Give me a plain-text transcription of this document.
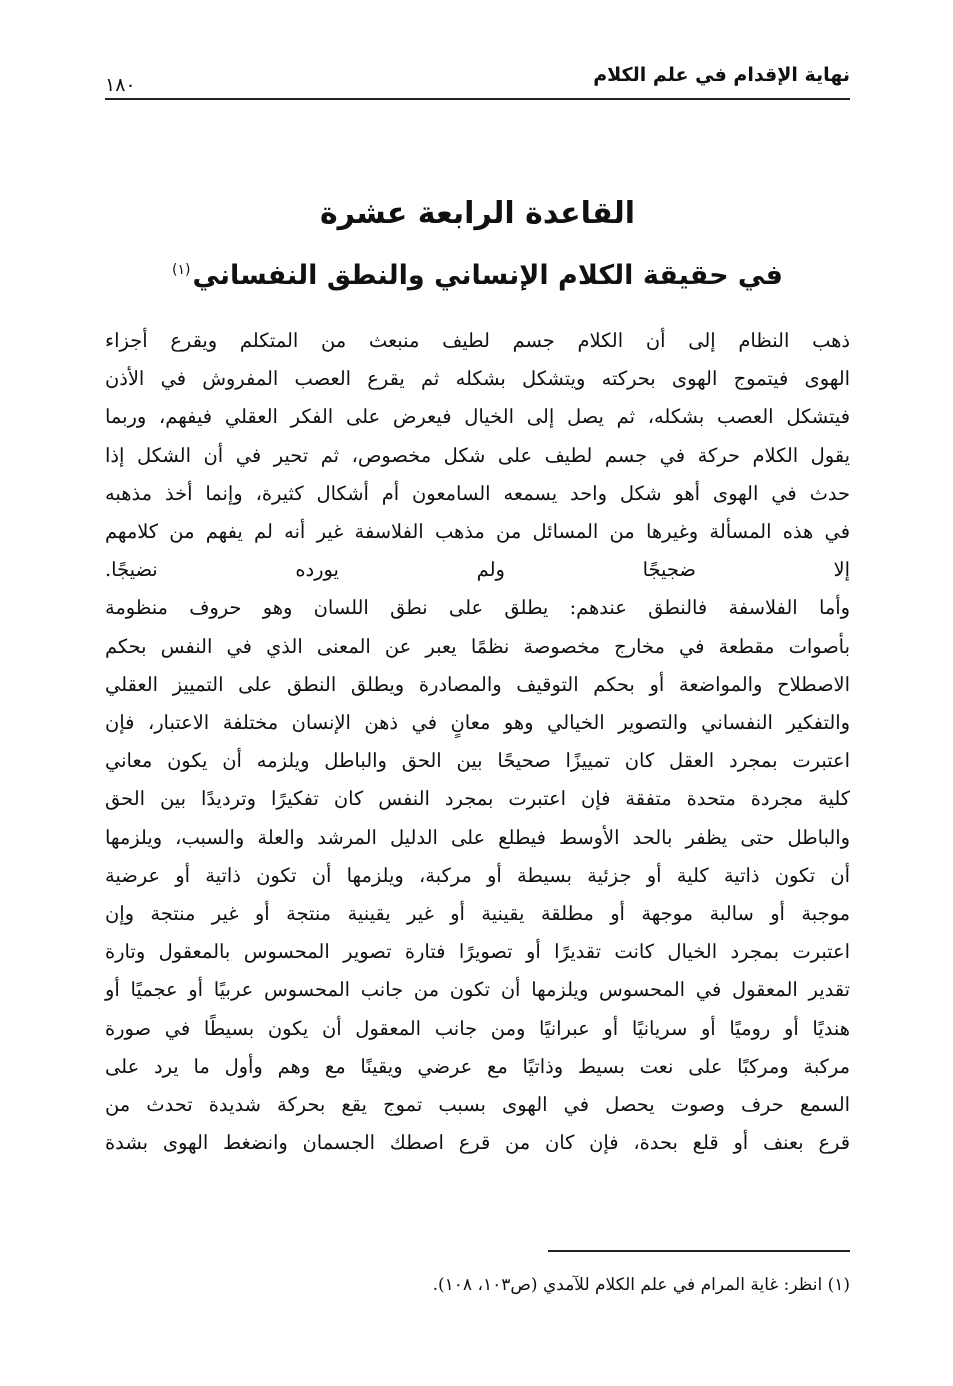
نهاية الإقدام في علم الكلام
١٨٠
القاعدة الرابعة عشرة
في حقيقة الكلام الإنساني والنطق النفساني$^{(١)}$
ذهب النظام إلى أن الكلام جسم لطيف منبعث من المتكلم ويقرع أجزاء
الهوى فيتموج الهوى بحركته ويتشكل بشكله ثم يقرع العصب المفروش في الأذن
فيتشكل العصب بشكله، ثم يصل إلى الخيال فيعرض على الفكر العقلي فيفهم، وربما
يقول الكلام حركة في جسم لطيف على شكل مخصوص، ثم تحير في أن الشكل إذا
حدث في الهوى أهو شكل واحد يسمعه السامعون أم أشكال كثيرة، وإنما أخذ مذهبه
في هذه المسألة وغيرها من المسائل من مذهب الفلاسفة غير أنه لم يفهم من كلامهم
إلا ضجيجًا ولم يورده نضيجًا.
وأما الفلاسفة فالنطق عندهم: يطلق على نطق اللسان وهو حروف منظومة
بأصوات مقطعة في مخارج مخصوصة نظمًا يعبر عن المعنى الذي في النفس بحكم
الاصطلاح والمواضعة أو بحكم التوقيف والمصادرة ويطلق النطق على التمييز العقلي
والتفكير النفساني والتصوير الخيالي وهو معانٍ في ذهن الإنسان مختلفة الاعتبار، فإن
اعتبرت بمجرد العقل كان تمييزًا صحيحًا بين الحق والباطل ويلزمه أن يكون معاني
كلية مجردة متحدة متفقة فإن اعتبرت بمجرد النفس كان تفكيرًا وترديدًا بين الحق
والباطل حتى يظفر بالحد الأوسط فيطلع على الدليل المرشد والعلة والسبب، ويلزمها
أن تكون ذاتية كلية أو جزئية بسيطة أو مركبة، ويلزمها أن تكون ذاتية أو عرضية
موجبة أو سالبة موجهة أو مطلقة يقينية أو غير يقينية منتجة أو غير منتجة وإن
اعتبرت بمجرد الخيال كانت تقديرًا أو تصويرًا فتارة تصوير المحسوس بالمعقول وتارة
تقدير المعقول في المحسوس ويلزمها أن تكون من جانب المحسوس عربيًا أو عجميًا أو
هنديًا أو روميًا أو سريانيًا أو عبرانيًا ومن جانب المعقول أن يكون بسيطًا في صورة
مركبة ومركبًا على نعت بسيط وذاتيًا مع عرضي ويقينًا مع وهم وأول ما يرد على
السمع حرف وصوت يحصل في الهوى بسبب تموج يقع بحركة شديدة تحدث من
قرع بعنف أو قلع بحدة، فإن كان من قرع اصطك الجسمان وانضغط الهوى بشدة
(١) انظر: غاية المرام في علم الكلام للآمدي (ص١٠٣، ١٠٨).
